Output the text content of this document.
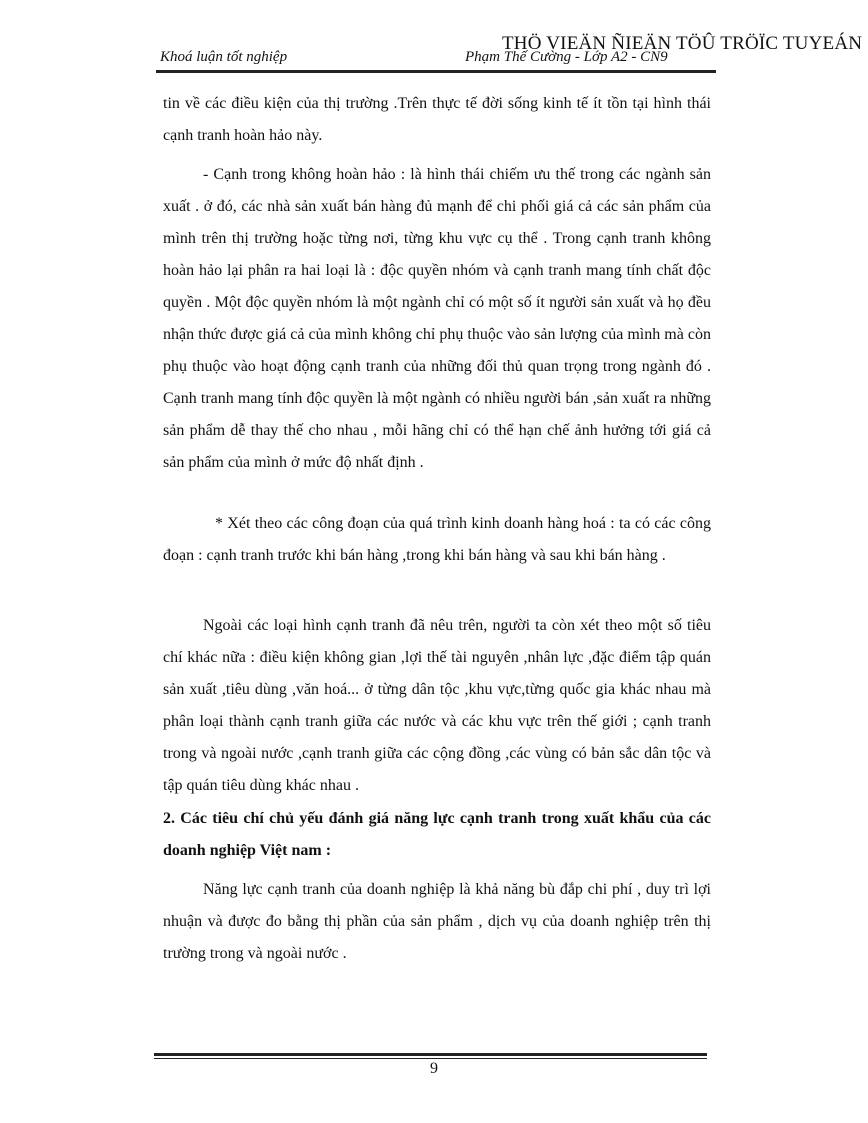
THÖ VIEÄN ÑIEÄN TÖÛ TRÖÏC TUYEÁN
Khoá luận tốt nghiệp	Phạm Thế Cường - Lớp A2 - CN9
tin về các điều kiện của thị trường .Trên thực tế đời sống kinh tế ít tồn tại hình thái cạnh tranh hoàn hảo này.
- Cạnh trong không hoàn hảo : là hình thái chiếm ưu thế trong các ngành sản xuất . ở đó, các nhà sản xuất bán hàng đủ mạnh để chi phối giá cả các sản phẩm của mình trên thị trường hoặc từng nơi, từng khu vực cụ thể . Trong cạnh tranh không hoàn hảo lại phân ra hai loại là : độc quyền nhóm và cạnh tranh mang tính chất độc quyền . Một độc quyền nhóm là một ngành chỉ có một số ít người sản xuất và họ đều nhận thức được giá cả của mình không chỉ phụ thuộc vào sản lượng của mình mà còn phụ thuộc vào hoạt động cạnh tranh của những đối thủ quan trọng trong ngành đó . Cạnh tranh mang tính độc quyền là một ngành có nhiều người bán ,sản xuất ra những sản phẩm dễ thay thế cho nhau , mỗi hãng chỉ có thể hạn chế ảnh hưởng tới giá cả sản phẩm của mình ở mức độ nhất định .
* Xét theo các công đoạn của quá trình kinh doanh hàng hoá : ta có các công đoạn : cạnh tranh trước khi bán hàng ,trong khi bán hàng và sau khi bán hàng .
Ngoài các loại hình cạnh tranh đã nêu trên, người ta còn xét theo một số tiêu chí khác nữa : điều kiện không gian ,lợi thế tài nguyên ,nhân lực ,đặc điểm tập quán sản xuất ,tiêu dùng ,văn hoá... ở từng dân tộc ,khu vực,từng quốc gia khác nhau mà phân loại thành cạnh tranh giữa các nước và các khu vực trên thế giới ; cạnh tranh trong và ngoài nước ,cạnh tranh giữa các cộng đồng ,các vùng có bản sắc dân tộc và tập quán tiêu dùng khác nhau .
2. Các tiêu chí chủ yếu đánh giá năng lực cạnh tranh trong xuất khẩu của các doanh nghiệp Việt nam :
Năng lực cạnh tranh của doanh nghiệp là khả năng bù đắp chi phí , duy trì lợi nhuận và được đo bằng thị phần của sản phẩm , dịch vụ của doanh nghiệp trên thị trường trong và ngoài nước .
9
